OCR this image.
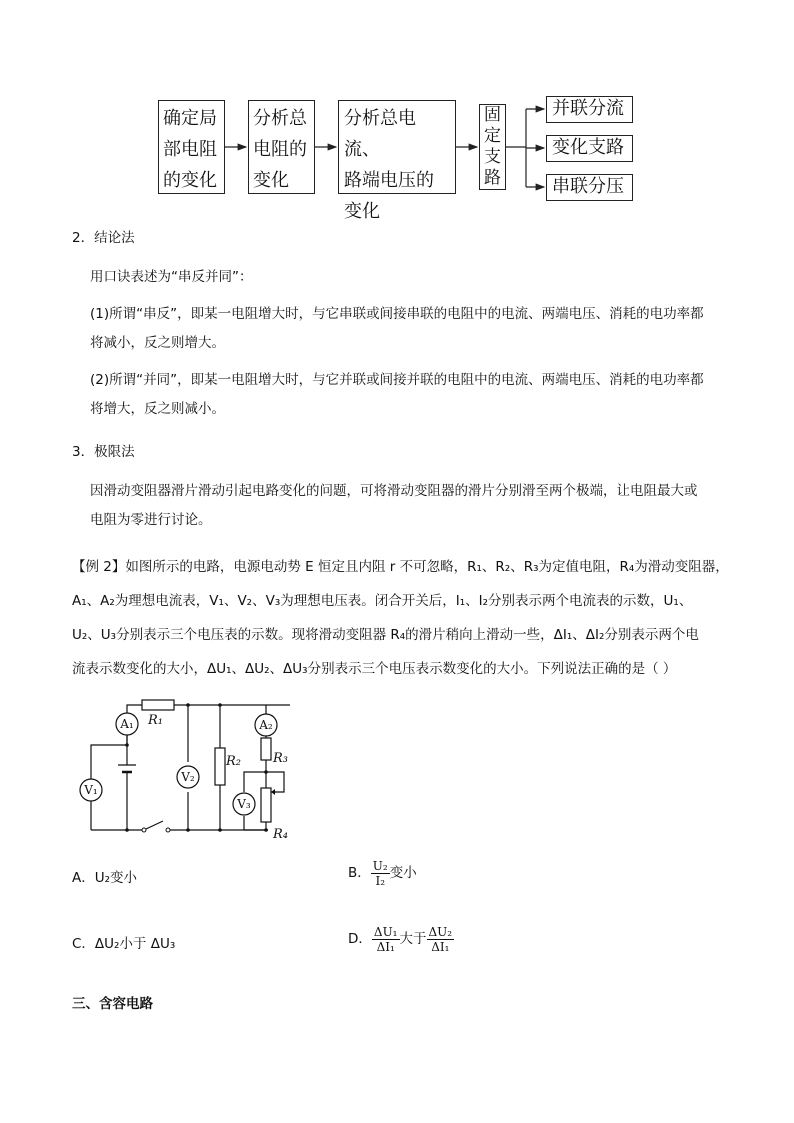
确定局
部电阻
的变化
分析总
电阻的
变化
分析总电流、
路端电压的
变化
固
定
支
路
并联分流
变化支路
串联分压
2．结论法
用口诀表述为“串反并同”：
(1)所谓“串反”，即某一电阻增大时，与它串联或间接串联的电阻中的电流、两端电压、消耗的电功率都
将减小，反之则增大。
(2)所谓“并同”，即某一电阻增大时，与它并联或间接并联的电阻中的电流、两端电压、消耗的电功率都
将增大，反之则减小。
3．极限法
因滑动变阻器滑片滑动引起电路变化的问题，可将滑动变阻器的滑片分别滑至两个极端，让电阻最大或
电阻为零进行讨论。
【例 2】如图所示的电路，电源电动势 E 恒定且内阻 r 不可忽略，R₁、R₂、R₃为定值电阻，R₄为滑动变阻器，
A₁、A₂为理想电流表，V₁、V₂、V₃为理想电压表。闭合开关后，I₁、I₂分别表示两个电流表的示数，U₁、
U₂、U₃分别表示三个电压表的示数。现将滑动变阻器 R₄的滑片稍向上滑动一些，ΔI₁、ΔI₂分别表示两个电
流表示数变化的大小，ΔU₁、ΔU₂、ΔU₃分别表示三个电压表示数变化的大小。下列说法正确的是（ ）
A₁	A₂
V₁
V₂
V₃
R₁
R₂ R₃
R₄
A．U₂变小	B． $\frac{\text{U₂}}{\text{I₂}}$ 变小
C．ΔU₂小于 ΔU₃	D． $\frac{\text{ΔU₁}}{\text{ΔI₁}}$ 大于 $\frac{\text{ΔU₂}}{\text{ΔI₁}}$
三、含容电路
